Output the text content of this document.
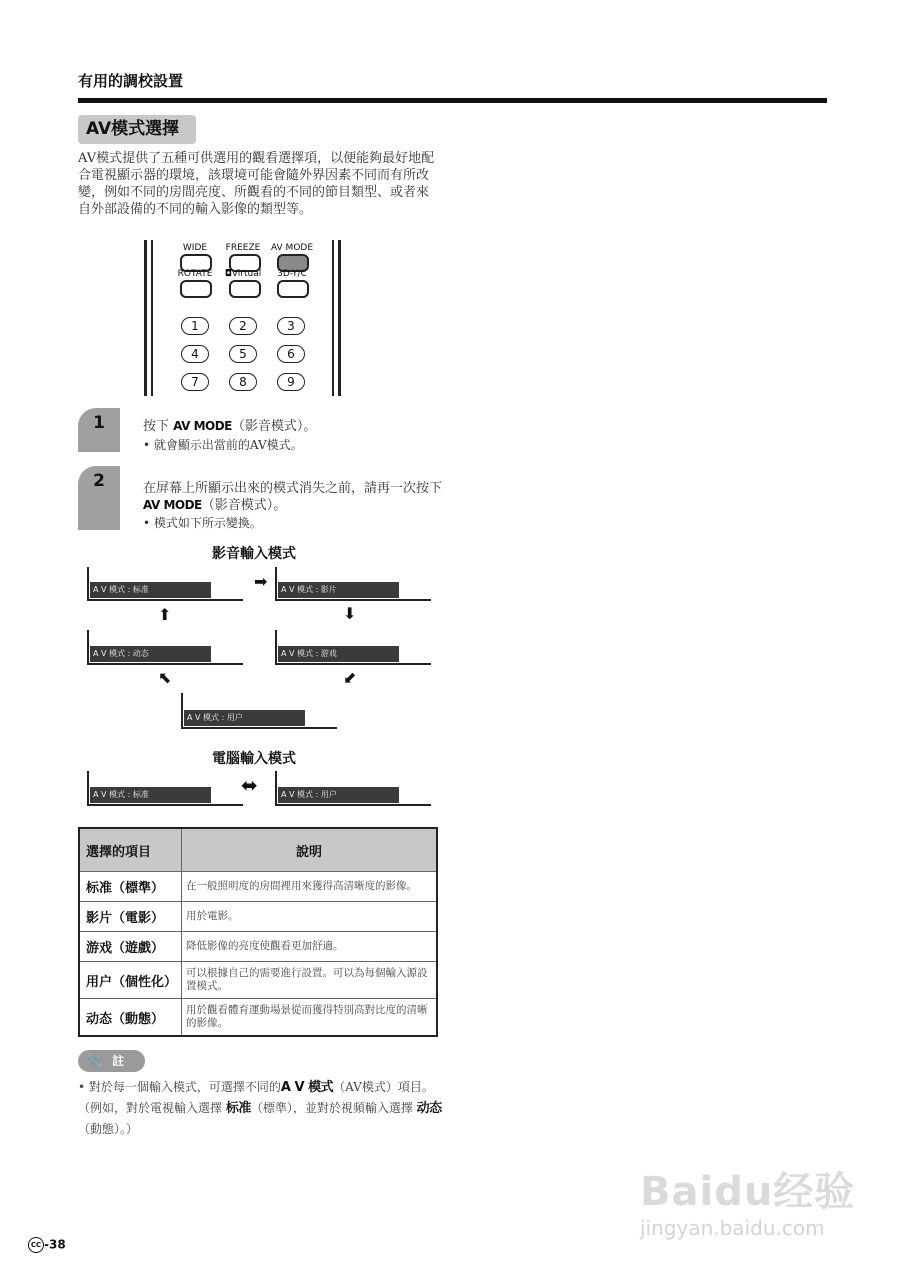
有用的調校設置
AV模式選擇
AV模式提供了五種可供選用的觀看選擇項，以便能夠最好地配合電視顯示器的環境，該環境可能會隨外界因素不同而有所改變，例如不同的房間亮度、所觀看的不同的節目類型、或者來自外部設備的不同的輸入影像的類型等。
WIDE	FREEZE	AV MODE
ROTATE	◘Virtual	3D-Y/C
1	2	3
4	5	6
7	8	9
1	按下 AV MODE（影音模式）。
• 就會顯示出當前的AV模式。
2	在屏幕上所顯示出來的模式消失之前，請再一次按下 AV MODE（影音模式）。
• 模式如下所示變換。
影音輸入模式
A V 模式 : 标准	A V 模式 : 影片
A V 模式 : 动态	A V 模式 : 游戏
A V 模式 : 用户
➡
⬇
⬆
⬋
⬉
電腦輸入模式
A V 模式 : 标准	A V 模式 : 用户
⬌
選擇的項目	說明
标准（標準）	在一般照明度的房間裡用來獲得高清晰度的影像。
影片（電影）	用於電影。
游戏（遊戲）	降低影像的亮度使觀看更加舒適。
用户（個性化）	可以根據自己的需要進行設置。可以為每個輸入源設置模式。
动态（動態）	用於觀看體育運動場景從而獲得特別高對比度的清晰的影像。
📎 註
• 對於每一個輸入模式，可選擇不同的A V 模式（AV模式）項目。（例如，對於電視輸入選擇 标准（標準），並對於視頻輸入選擇 动态（動態）。）
CC -38
Baidu经验
jingyan.baidu.com
